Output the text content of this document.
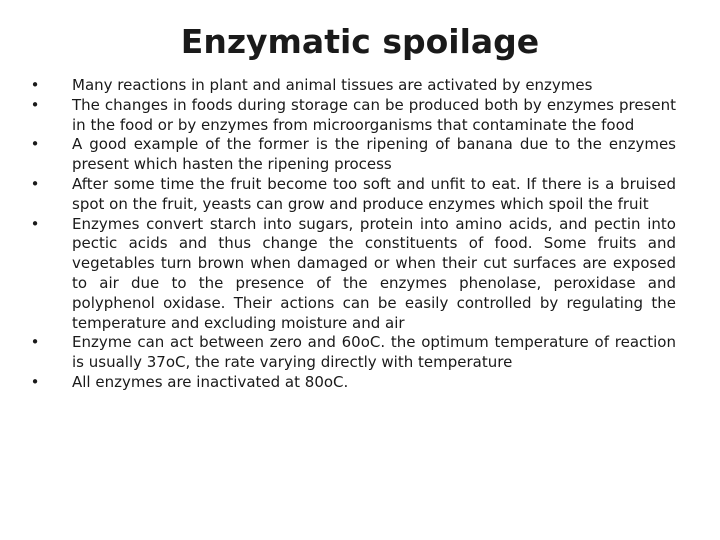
Enzymatic spoilage
• Many reactions in plant and animal tissues are activated by enzymes
• The changes in foods during storage can be produced both by enzymes present in the food or by enzymes from microorganisms that contaminate the food
• A good example of the former is the ripening of banana due to the enzymes present which hasten the ripening process
• After some time the fruit become too soft and unfit to eat. If there is a bruised spot on the fruit, yeasts can grow and produce enzymes which spoil the fruit
• Enzymes convert starch into sugars, protein into amino acids, and pectin into pectic acids and thus change the constituents of food. Some fruits and vegetables turn brown when damaged or when their cut surfaces are exposed to air due to the presence of the enzymes phenolase, peroxidase and polyphenol oxidase. Their actions can be easily controlled by regulating the temperature and excluding moisture and air
• Enzyme can act between zero and 60oC. the optimum temperature of reaction is usually 37oC, the rate varying directly with temperature
• All enzymes are inactivated at 80oC.
